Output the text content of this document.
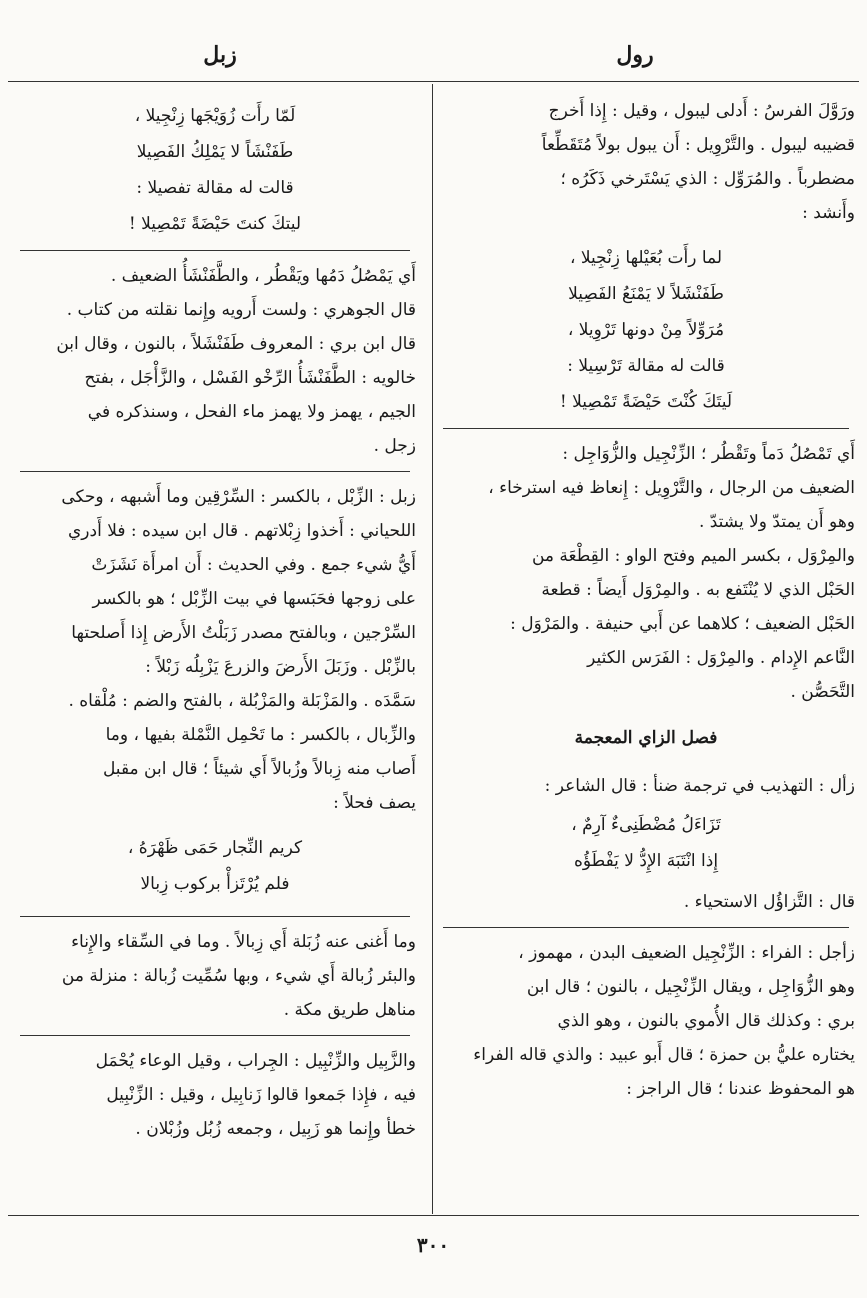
رول
زبل
ورَوَّلَ الفرسُ : أَدلى ليبول ، وقيل : إِذا أَخرج
قضيبه ليبول . والتَّرْوِيل : أَن يبول بولاً مُتَقَطِّعاً
مضطرباً . والمُرَوِّل : الذي يَسْتَرخي ذَكَرُه ؛
وأَنشد :
لما رأَت بُعَيْلها زِنْجِيلا ،
طَفَنْشَلاً لا يَمْنَعُ الفَصِيلا
مُرَوِّلاً مِنْ دونها تَرْوِيلا ،
قالت له مقالة تَرْسِيلا :
لَيتَكَ كُنْتَ حَيْضَةً تَمْصِيلا !
أَي تَمْصُلُ دَماً وتَقْطُر ؛ الزِّنْجِيل والزُّوَاجِل :
الضعيف من الرجال ، والتَّرْوِيل : إِنعاظ فيه استرخاء ،
وهو أَن يمتدّ ولا يشتدّ .
والمِرْوَل ، بكسر الميم وفتح الواو : القِطْعَة من
الحَبْل الذي لا يُنْتَفع به . والمِرْوَل أَيضاً : قطعة
الحَبْل الضعيف ؛ كلاهما عن أَبي حنيفة . والمَرْوَل :
النَّاعم الإِدام . والمِرْوَل : الفَرَس الكثير
التَّحَصُّن .
فصل الزاي المعجمة
زأل : التهذيب في ترجمة ضنأ : قال الشاعر :
تَزَاءَلُ مُضْطَنِىءٌ آرِمٌ ،
إِذا انْتَبَهَ الإِدُّ لا يَفْطَؤُه
قال : التَّزاؤُل الاستحياء .
زأجل : الفراء : الزِّنْجِيل الضعيف البدن ، مهموز ،
وهو الزُّوَاجِل ، ويقال الزِّنْجِيل ، بالنون ؛ قال ابن
بري : وكذلك قال الأُموي بالنون ، وهو الذي
يختاره عليُّ بن حمزة ؛ قال أَبو عبيد : والذي قاله الفراء
هو المحفوظ عندنا ؛ قال الراجز :
لَمّا رأَت زُوَيْجَها زِنْجِيلا ،
طَفَنْشَاً لا يَمْلِكُ الفَصِيلا
قالت له مقالة تفصيلا :
ليتكَ كنتَ حَيْضَةً تَمْصِيلا !
أَي يَمْصُلُ دَمُها ويَقْطُر ، والطَّفَنْشَأُ الضعيف .
قال الجوهري : ولست أَرويه وإِنما نقلته من كتاب .
قال ابن بري : المعروف طَفَنْشَلاً ، بالنون ، وقال ابن
خالويه : الطَّفَنْشَأُ الرِّخْو الفَسْل ، والزَّأْجَل ، بفتح
الجيم ، يهمز ولا يهمز ماء الفحل ، وسنذكره في
زجل .
زبل : الزِّبْل ، بالكسر : السِّرْقِين وما أَشبهه ، وحكى
اللحياني : أَخذوا زِبْلاتهم . قال ابن سيده : فلا أَدري
أَيُّ شيء جمع . وفي الحديث : أَن امرأَة نَشَزَتْ
على زوجها فحَبَسها في بيت الزِّبْل ؛ هو بالكسر
السِّرْجين ، وبالفتح مصدر زَبَلْتُ الأَرض إِذا أَصلحتها
بالزِّبْل . وزَبَلَ الأَرضَ والزرعَ يَزْبِلُه زَبْلاً :
سَمَّدَه . والمَزْبَلة والمَزْبُلة ، بالفتح والضم : مُلْقاه .
والزِّبال ، بالكسر : ما تَحْمِل النَّمْلة بفيها ، وما
أَصاب منه زِبالاً وزُبالاً أَي شيئاً ؛ قال ابن مقبل
يصف فحلاً :
كريم النِّجار حَمَى ظَهْرَهُ ،
فلم يُرْتَزأْ بركوب زِبالا
وما أَغنى عنه زُبَلة أَي زِبالاً . وما في السِّقاء والإِناء
والبئر زُبالة أَي شيء ، وبها سُمِّيت زُبالة : منزلة من
مناهل طريق مكة .
والزَّبِيل والزِّنْبِيل : الجِراب ، وقيل الوعاء يُحْمَل
فيه ، فإِذا جَمعوا قالوا زَنابِيل ، وقيل : الزِّنْبِيل
خطأ وإِنما هو زَبِيل ، وجمعه زُبُل وزُبْلان .
٣٠٠
